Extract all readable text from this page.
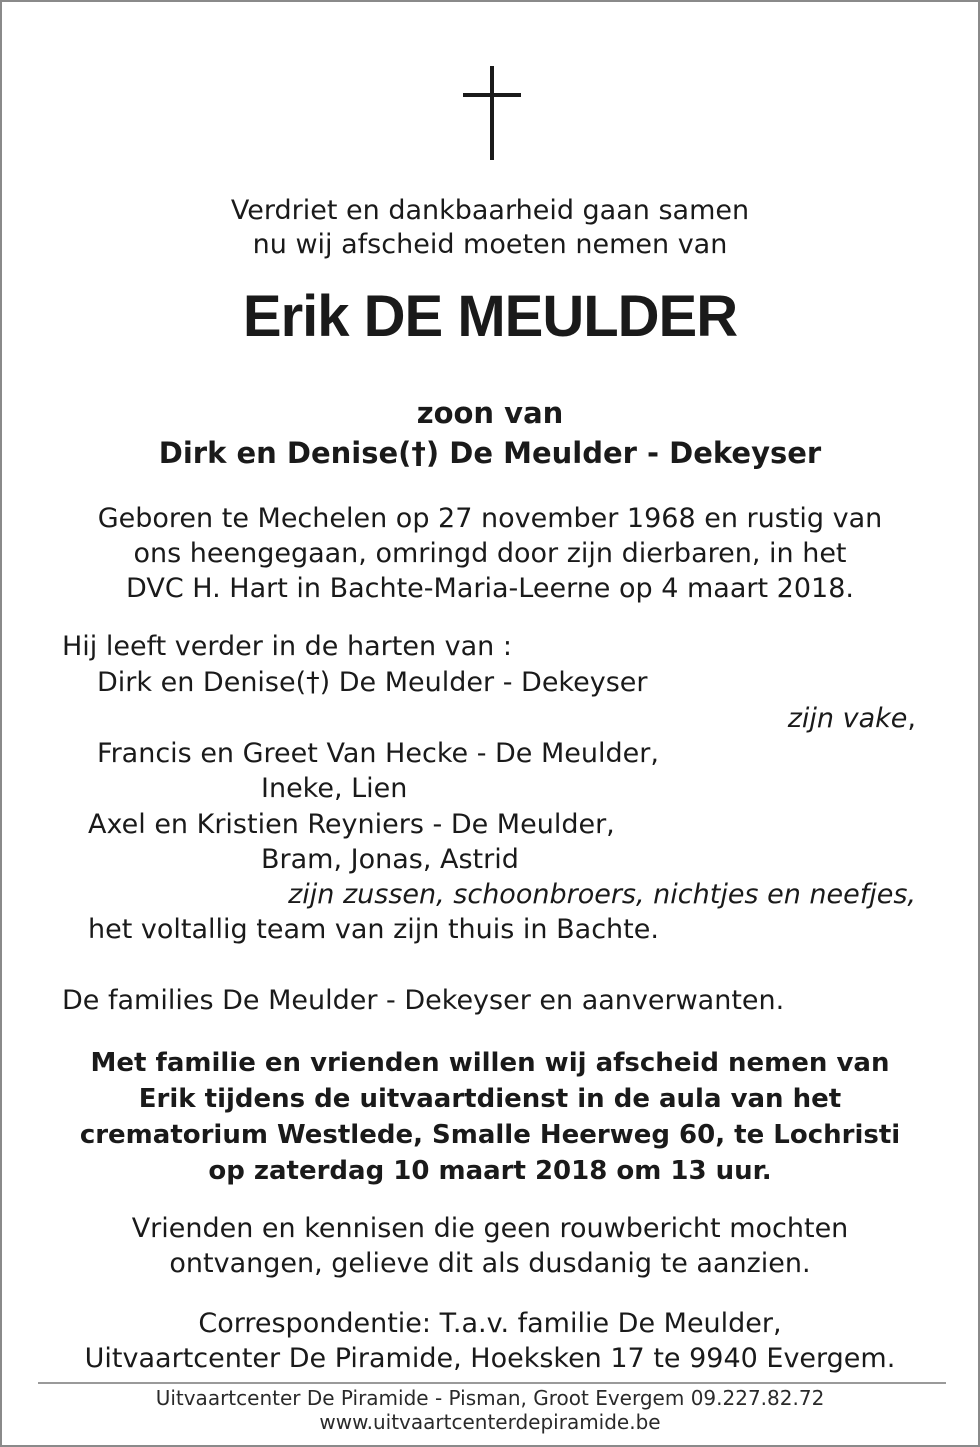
Verdriet en dankbaarheid gaan samen
nu wij afscheid moeten nemen van
Erik DE MEULDER
zoon van
Dirk en Denise(†) De Meulder - Dekeyser
Geboren te Mechelen op 27 november 1968 en rustig van
ons heengegaan, omringd door zijn dierbaren, in het
DVC H. Hart in Bachte-Maria-Leerne op 4 maart 2018.
Hij leeft verder in de harten van :
Dirk en Denise(†) De Meulder - Dekeyser
zijn vake,
Francis en Greet Van Hecke - De Meulder,
Ineke, Lien
Axel en Kristien Reyniers - De Meulder,
Bram, Jonas, Astrid
zijn zussen, schoonbroers, nichtjes en neefjes,
het voltallig team van zijn thuis in Bachte.
De families De Meulder - Dekeyser en aanverwanten.
Met familie en vrienden willen wij afscheid nemen van
Erik tijdens de uitvaartdienst in de aula van het
crematorium Westlede, Smalle Heerweg 60, te Lochristi
op zaterdag 10 maart 2018 om 13 uur.
Vrienden en kennisen die geen rouwbericht mochten
ontvangen, gelieve dit als dusdanig te aanzien.
Correspondentie: T.a.v. familie De Meulder,
Uitvaartcenter De Piramide, Hoeksken 17 te 9940 Evergem.
Uitvaartcenter De Piramide - Pisman, Groot Evergem 09.227.82.72
www.uitvaartcenterdepiramide.be
